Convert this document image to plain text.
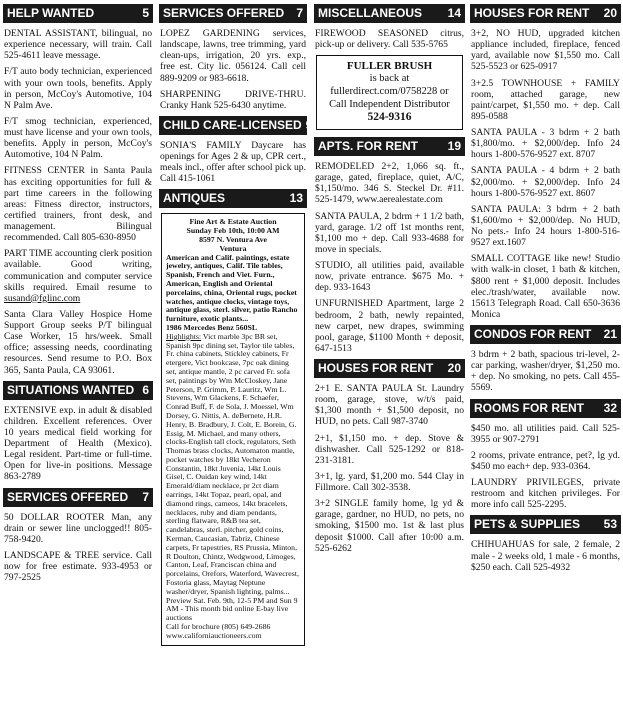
HELP WANTED	5
DENTAL ASSISTANT, bilingual, no experience necessary, will train. Call 525-4611 leave message.
F/T auto body technician, experienced with your own tools, benefits. Apply in person, McCoy's Automotive, 104 N Palm Ave.
F/T smog technician, experienced, must have license and your own tools, benefits. Apply in person, McCoy's Automotive, 104 N Palm.
FITNESS CENTER in Santa Paula has exciting opportunities for full & part time careers in the following areas: Fitness director, instructors, certified trainers, front desk, and management. Bilingual recommended. Call 805-630-8950
PART TIME accounting clerk position available. Good writing, communication and computer service skills required. Email resume to susand@fglinc.com
Santa Clara Valley Hospice Home Support Group seeks P/T bilingual Case Worker, 15 hrs/week. Small office; assessing needs, coordinating resources. Send resume to P.O. Box 365, Santa Paula, CA 93061.
SITUATIONS WANTED 6
EXTENSIVE exp. in adult & disabled children. Excellent references. Over 10 years medical field working for Department of Health (Mexico). Legal resident. Part-time or full-time. Open for live-in positions. Message 863-2789
SERVICES OFFERED 7
50 DOLLAR ROOTER Man, any drain or sewer line unclogged!! 805-758-9420.
LANDSCAPE & TREE service. Call now for free estimate. 933-4953 or 797-2525
SERVICES OFFERED 7
LOPEZ GARDENING services, landscape, lawns, tree trimming, yard clean-ups, irrigation, 20 yrs. exp., free est. City lic. 056124. Call cell 889-9209 or 983-6618.
SHARPENING DRIVE-THRU. Cranky Hank 525-6430 anytime.
CHILD CARE-LICENSED 9
SONIA'S FAMILY Daycare has openings for Ages 2 & up, CPR cert., meals incl., offer after school pick up. Call 415-1061
ANTIQUES	13
Fine Art & Estate Auction
Sunday Feb 10th, 10:00 AM
8597 N. Ventura Ave
Ventura
American and Calif. paintings, estate jewelry, antiques, Calif. Tile tables, Spanish, French and Viet. Furn., American, English and Oriental porcelains, china, Oriental rugs, pocket watches, antique clocks, vintage toys, antique glass, sterl. silver, patio Rancho furniture, exotic plants...
1986 Mercedes Benz 560SL
Highlights: Vict marble 3pc BR set, Spanish 9pc dining set, Taylor tile tables, Fr. china cabinets, Stickley cabinets, Fr etergere, Vict bookcase, 7pc oak dining set, antique mantle, 2 pc carved Fr. sofa set, paintings by Wm McCloskey, Jane Peterson, P. Grimm, P. Lauritz, Wm L. Stevens, Wm Glackens, F. Schaefer, Conrad Buff, F. de Sola, J. Moessel, Wm Dorsey, G. Nittis, A. deBernete, H.R. Henry, B. Bradbury, J. Colt, E. Borein, G. Essig, M. Michael, and many others, clocks-English tall clock, regulators, Seth Thomas brass clocks, Automaton mantle, pocket watches by 18kt Vecheron Constantin, 18kt Juvenia, 14kt Louis Gisel, C. Ouidan key wind, 14kt Emerald/diam necklace, pr 2ct diam earrings, 14kt Topaz, pearl, opal, and diamond rings, cameos, 14kt bracelets, necklaces, ruby and diam pendants, sterling flatware, R&B tea set, candelabras, sterl. pitcher, gold coins, Kerman, Caucasian, Tabriz, Chinese carpets, Fr tapestries, RS Prussia, Minton, R Doulton, Chintz, Wedgwood, Limoges, Canton, Leaf, Franciscan china and porcelains, Orefors, Waterford, Wavecrest, Fostoria glass, Maytag Neptune washer/dryer, Spanish lighting, palms... Preview Sat. Feb. 9th, 12-5 PM and Sun 9 AM - This month bid online E-bay live auctions
Call for brochure (805) 649-2686
www.californiauctioneers.com
MISCELLANEOUS 14
FIREWOOD SEASONED citrus, pick-up or delivery. Call 535-5765
FULLER BRUSH
is back at
fullerdirect.com/0758228 or
Call Independent Distributor
524-9316
APTS. FOR RENT 19
REMODELED 2+2, 1,066 sq. ft., garage, gated, fireplace, quiet, A/C, $1,150/mo. 346 S. Steckel Dr. #11. 525-1479, www.aerealestate.com
SANTA PAULA, 2 bdrm + 1 1/2 bath, yard, garage. 1/2 off 1st months rent, $1,100 mo + dep. Call 933-4688 for move in specials.
STUDIO, all utilities paid, available now, private entrance. $675 Mo. + dep. 933-1643
UNFURNISHED Apartment, large 2 bedroom, 2 bath, newly repainted, new carpet, new drapes, swimming pool, garage, $1100 Month + deposit, 647-1513
HOUSES FOR RENT 20
2+1 E. SANTA PAULA St. Laundry room, garage, stove, w/t/s paid, $1,300 month + $1,500 deposit, no HUD, no pets. Call 987-3740
2+1, $1,150 mo. + dep. Stove & dishwasher. Call 525-1292 or 818-231-3181.
3+1, lg. yard, $1,200 mo. 544 Clay in Fillmore. Call 302-3538.
3+2 SINGLE family home, lg yd & garage, gardner, no HUD, no pets, no smoking, $1500 mo. 1st & last plus deposit $1000. Call after 10:00 a.m. 525-6262
HOUSES FOR RENT 20
3+2, NO HUD, upgraded kitchen appliance included, fireplace, fenced yard, available now $1,550 mo. Call 525-5523 or 625-0917
3+2.5 TOWNHOUSE + FAMILY room, attached garage, new paint/carpet, $1,550 mo. + dep. Call 895-0588
SANTA PAULA - 3 bdrm + 2 bath $1,800/mo. + $2,000/dep. Info 24 hours 1-800-576-9527 ext. 8707
SANTA PAULA - 4 bdrm + 2 bath $2,000/mo. + $2,000/dep. Info 24 hours 1-800-576-9527 ext. 8607
SANTA PAULA: 3 bdrm + 2 bath $1,600/mo + $2,000/dep. No HUD, No pets.- Info 24 hours 1-800-516-9527 ext.1607
SMALL COTTAGE like new! Studio with walk-in closet, 1 bath & kitchen, $800 rent + $1,000 deposit. Includes elec./trash/water, available now. 15613 Telegraph Road. Call 650-3636 Monica
CONDOS FOR RENT 21
3 bdrm + 2 bath, spacious tri-level, 2-car parking, washer/dryer, $1,250 mo. + dep. No smoking, no pets. Call 455-5569.
ROOMS FOR RENT 32
$450 mo. all utilities paid. Call 525-3955 or 907-2791
2 rooms, private entrance, pet?, lg yd. $450 mo each+ dep. 933-0364.
LAUNDRY PRIVILEGES, private restroom and kitchen privileges. For more info call 525-2295.
PETS & SUPPLIES 53
CHIHUAHUAS for sale, 2 female, 2 male - 2 weeks old, 1 male - 6 months, $250 each. Call 525-4932
